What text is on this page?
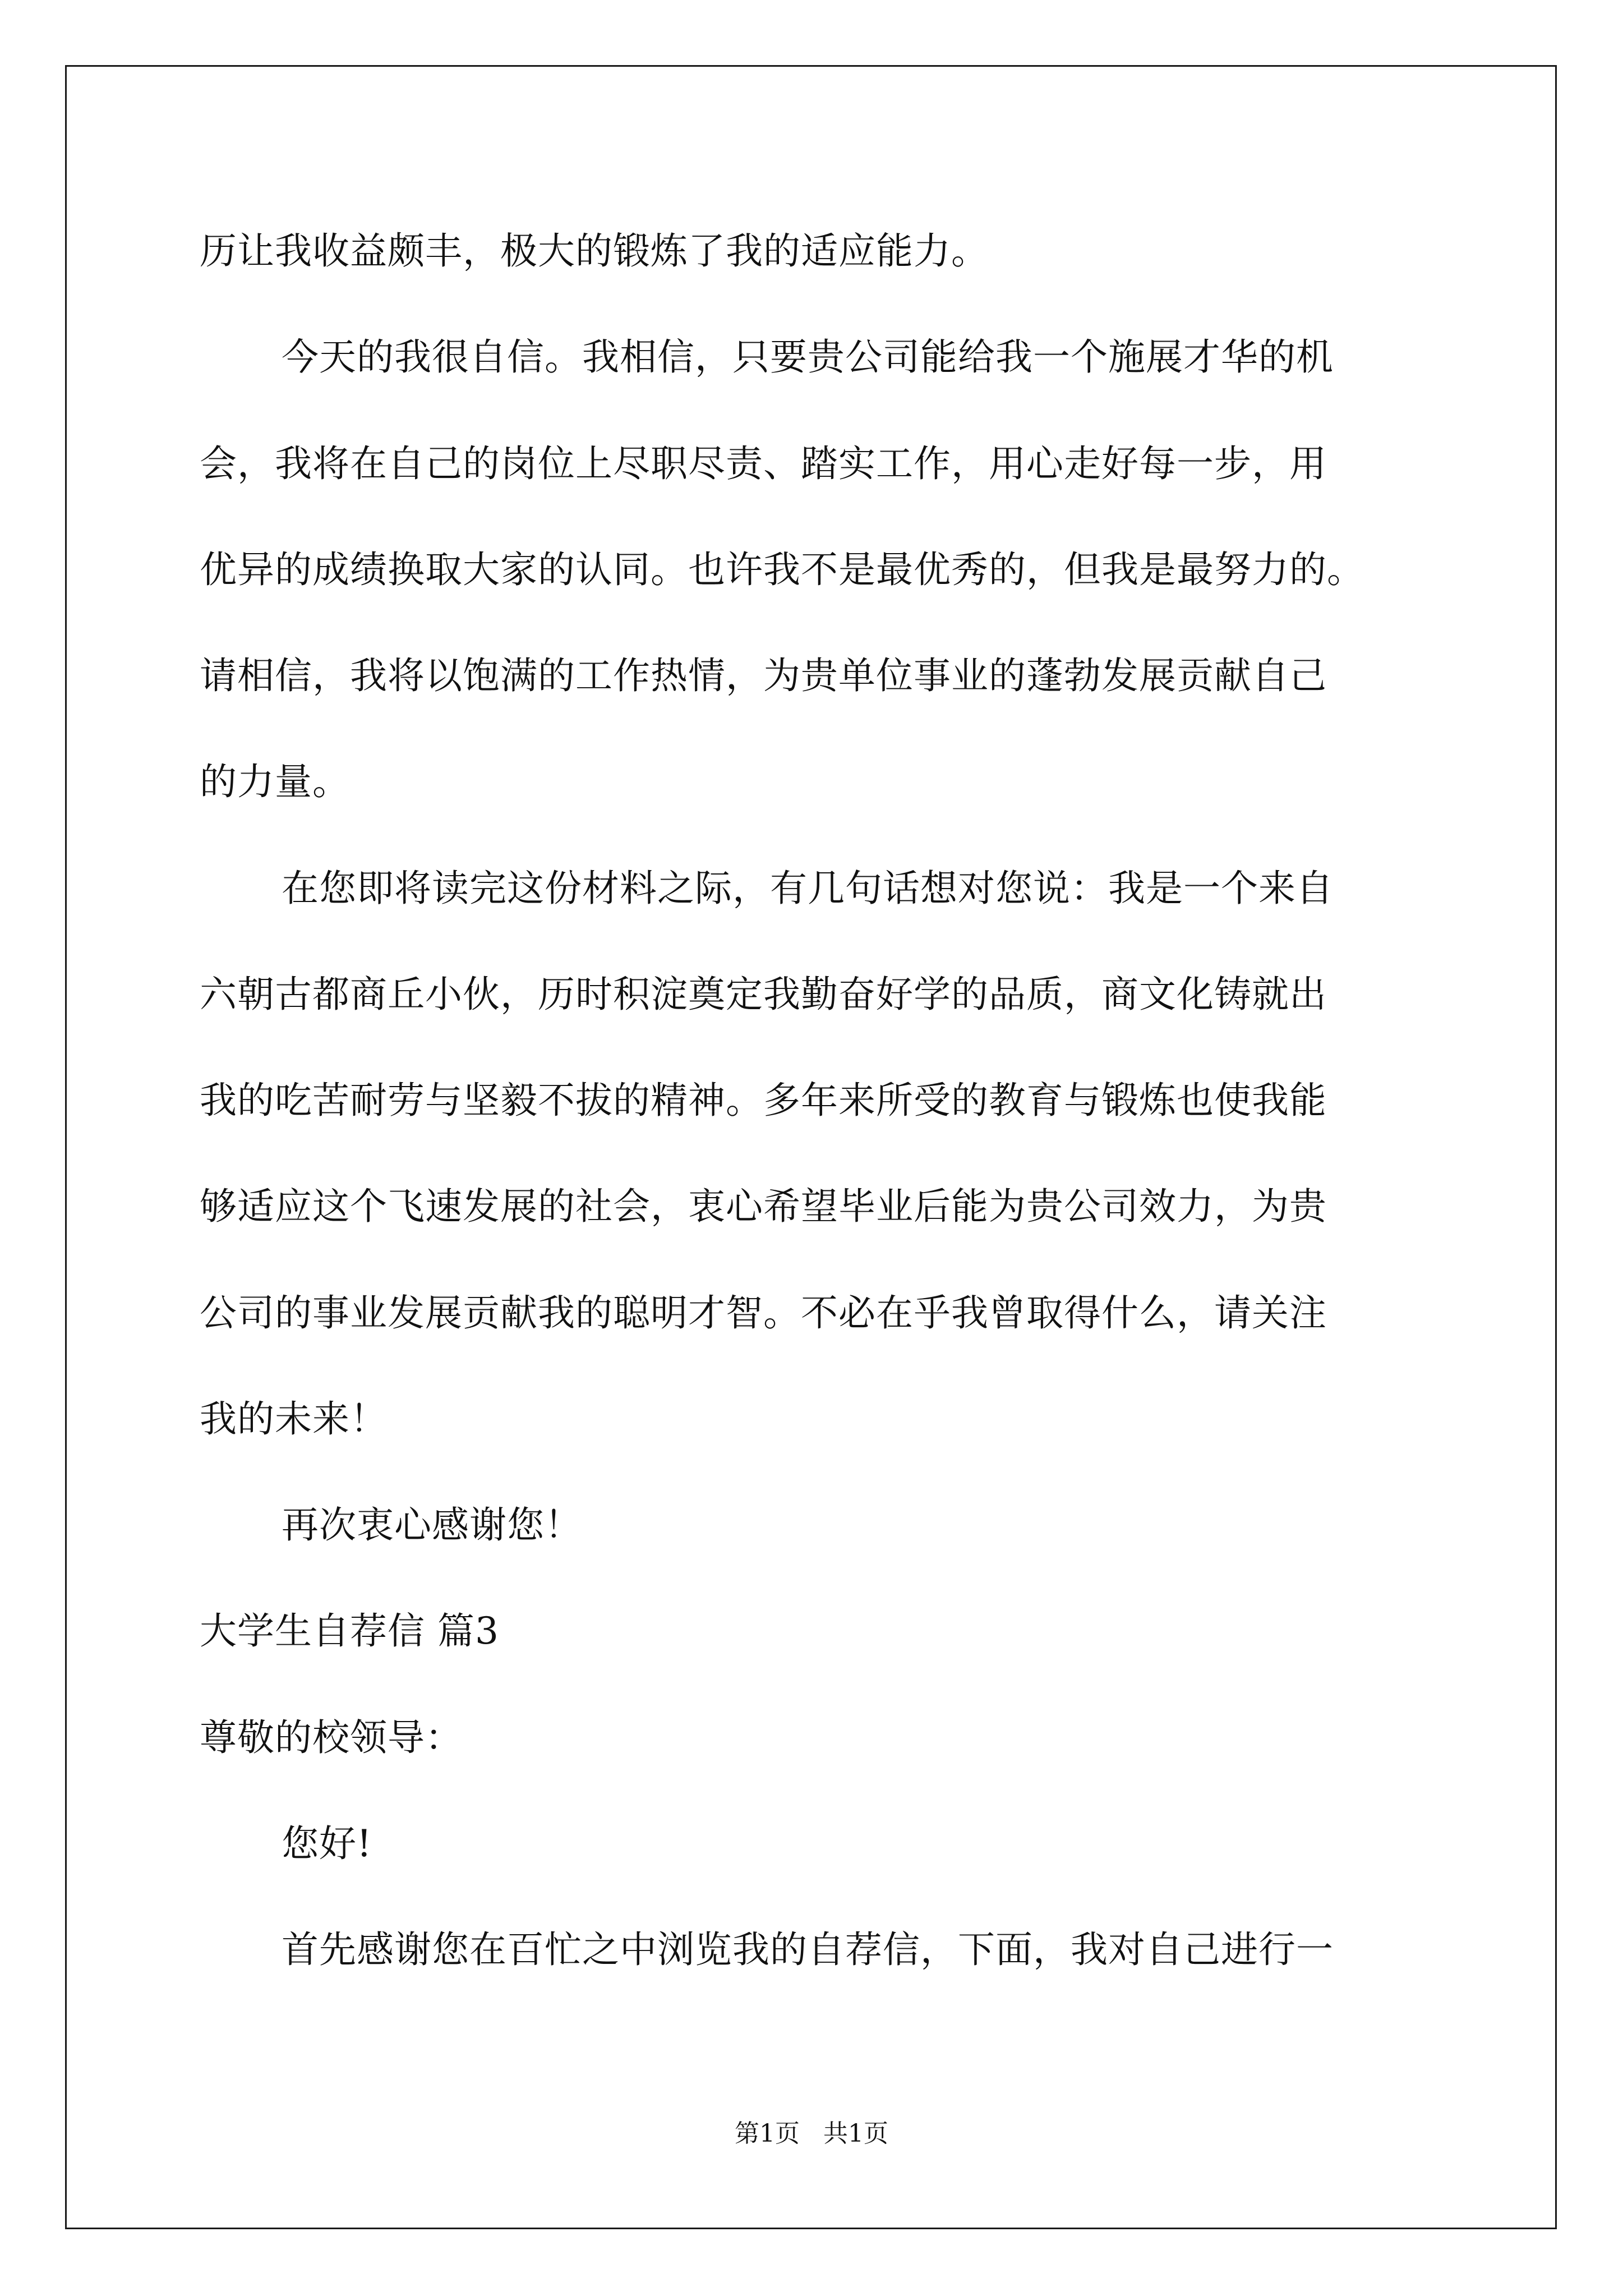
历让我收益颇丰，极大的锻炼了我的适应能力。
今天的我很自信。我相信，只要贵公司能给我一个施展才华的机
会，我将在自己的岗位上尽职尽责、踏实工作，用心走好每一步，用
优异的成绩换取大家的认同。也许我不是最优秀的，但我是最努力的。
请相信，我将以饱满的工作热情，为贵单位事业的蓬勃发展贡献自己
的力量。
在您即将读完这份材料之际，有几句话想对您说：我是一个来自
六朝古都商丘小伙，历时积淀奠定我勤奋好学的品质，商文化铸就出
我的吃苦耐劳与坚毅不拔的精神。多年来所受的教育与锻炼也使我能
够适应这个飞速发展的社会，衷心希望毕业后能为贵公司效力，为贵
公司的事业发展贡献我的聪明才智。不必在乎我曾取得什么，请关注
我的未来！
再次衷心感谢您！
大学生自荐信 篇3
尊敬的校领导：
您好!
首先感谢您在百忙之中浏览我的自荐信，下面，我对自己进行一
第1页   共1页
